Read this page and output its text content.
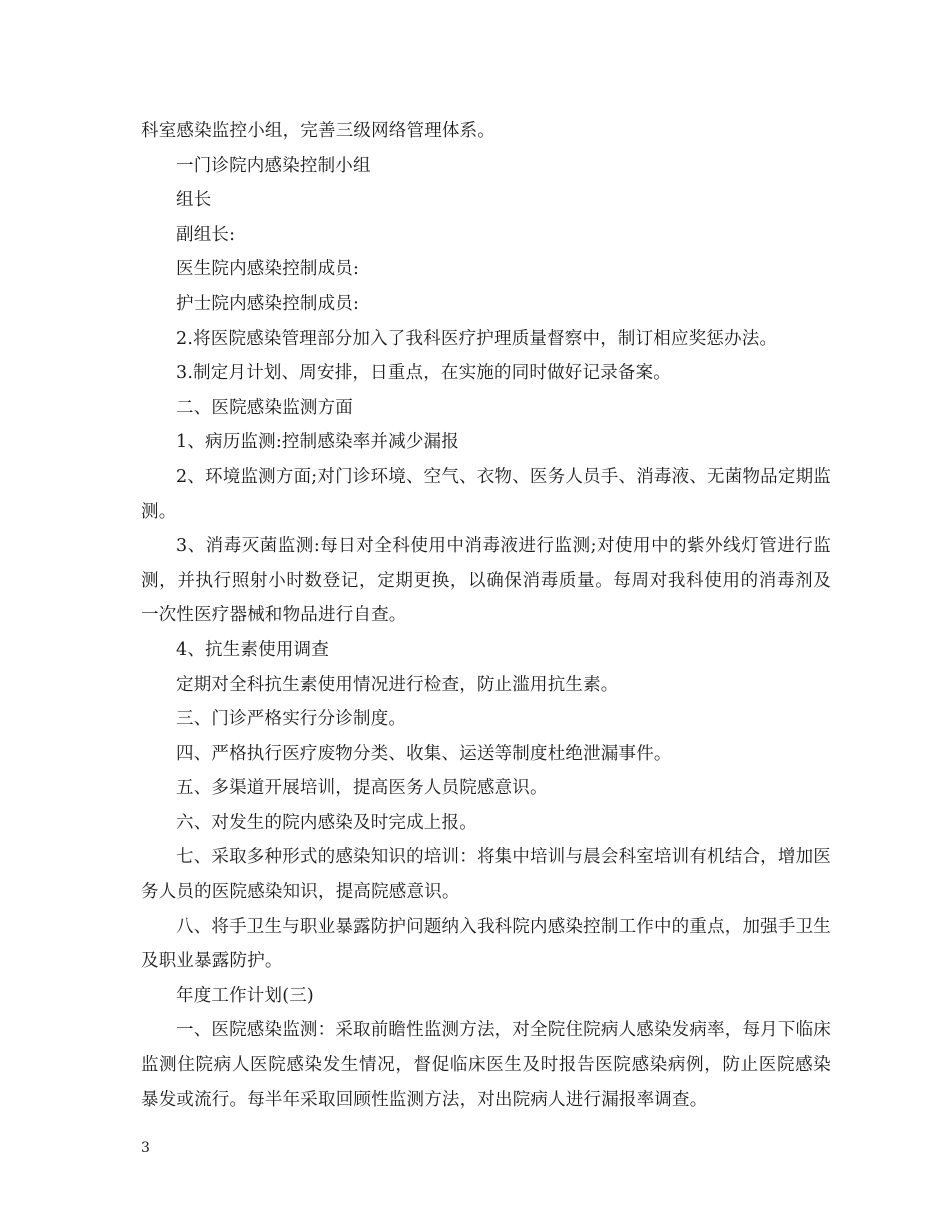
科室感染监控小组，完善三级网络管理体系。

一门诊院内感染控制小组

组长

副组长:

医生院内感染控制成员:

护士院内感染控制成员:

2.将医院感染管理部分加入了我科医疗护理质量督察中，制订相应奖惩办法。

3.制定月计划、周安排，日重点，在实施的同时做好记录备案。

二、医院感染监测方面

1、病历监测:控制感染率并减少漏报

2、环境监测方面;对门诊环境、空气、衣物、医务人员手、消毒液、无菌物品定期监测。

3、消毒灭菌监测:每日对全科使用中消毒液进行监测;对使用中的紫外线灯管进行监测，并执行照射小时数登记，定期更换，以确保消毒质量。每周对我科使用的消毒剂及一次性医疗器械和物品进行自查。

4、抗生素使用调查

定期对全科抗生素使用情况进行检查，防止滥用抗生素。

三、门诊严格实行分诊制度。

四、严格执行医疗废物分类、收集、运送等制度杜绝泄漏事件。

五、多渠道开展培训，提高医务人员院感意识。

六、对发生的院内感染及时完成上报。

七、采取多种形式的感染知识的培训：将集中培训与晨会科室培训有机结合，增加医务人员的医院感染知识，提高院感意识。

八、将手卫生与职业暴露防护问题纳入我科院内感染控制工作中的重点，加强手卫生及职业暴露防护。

年度工作计划(三)

一、医院感染监测：采取前瞻性监测方法，对全院住院病人感染发病率，每月下临床监测住院病人医院感染发生情况，督促临床医生及时报告医院感染病例，防止医院感染暴发或流行。每半年采取回顾性监测方法，对出院病人进行漏报率调查。

3
